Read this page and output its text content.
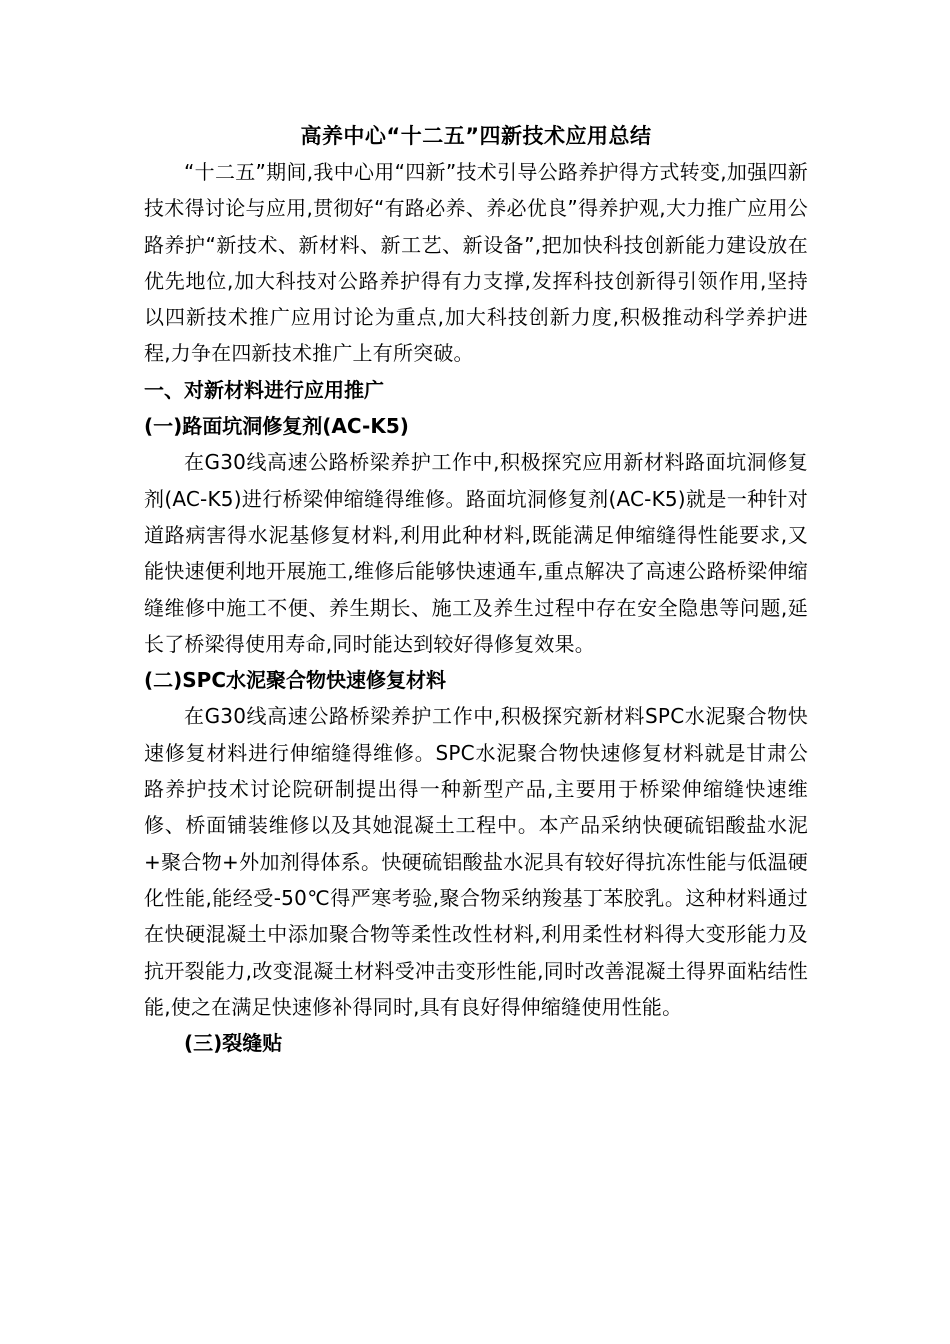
高养中心“十二五”四新技术应用总结

“十二五”期间,我中心用“四新”技术引导公路养护得方式转变,加强四新技术得讨论与应用,贯彻好“有路必养、养必优良”得养护观,大力推广应用公路养护“新技术、新材料、新工艺、新设备”,把加快科技创新能力建设放在优先地位,加大科技对公路养护得有力支撑,发挥科技创新得引领作用,坚持以四新技术推广应用讨论为重点,加大科技创新力度,积极推动科学养护进程,力争在四新技术推广上有所突破。

一、对新材料进行应用推广
(一)路面坑洞修复剂(AC-K5)

在G30线高速公路桥梁养护工作中,积极探究应用新材料路面坑洞修复剂(AC-K5)进行桥梁伸缩缝得维修。路面坑洞修复剂(AC-K5)就是一种针对道路病害得水泥基修复材料,利用此种材料,既能满足伸缩缝得性能要求,又能快速便利地开展施工,维修后能够快速通车,重点解决了高速公路桥梁伸缩缝维修中施工不便、养生期长、施工及养生过程中存在安全隐患等问题,延长了桥梁得使用寿命,同时能达到较好得修复效果。

(二)SPC水泥聚合物快速修复材料

在G30线高速公路桥梁养护工作中,积极探究新材料SPC水泥聚合物快速修复材料进行伸缩缝得维修。SPC水泥聚合物快速修复材料就是甘肃公路养护技术讨论院研制提出得一种新型产品,主要用于桥梁伸缩缝快速维修、桥面铺装维修以及其她混凝土工程中。本产品采纳快硬硫铝酸盐水泥+聚合物+外加剂得体系。快硬硫铝酸盐水泥具有较好得抗冻性能与低温硬化性能,能经受-50℃得严寒考验,聚合物采纳羧基丁苯胶乳。这种材料通过在快硬混凝土中添加聚合物等柔性改性材料,利用柔性材料得大变形能力及抗开裂能力,改变混凝土材料受冲击变形性能,同时改善混凝土得界面粘结性能,使之在满足快速修补得同时,具有良好得伸缩缝使用性能。

(三)裂缝贴
